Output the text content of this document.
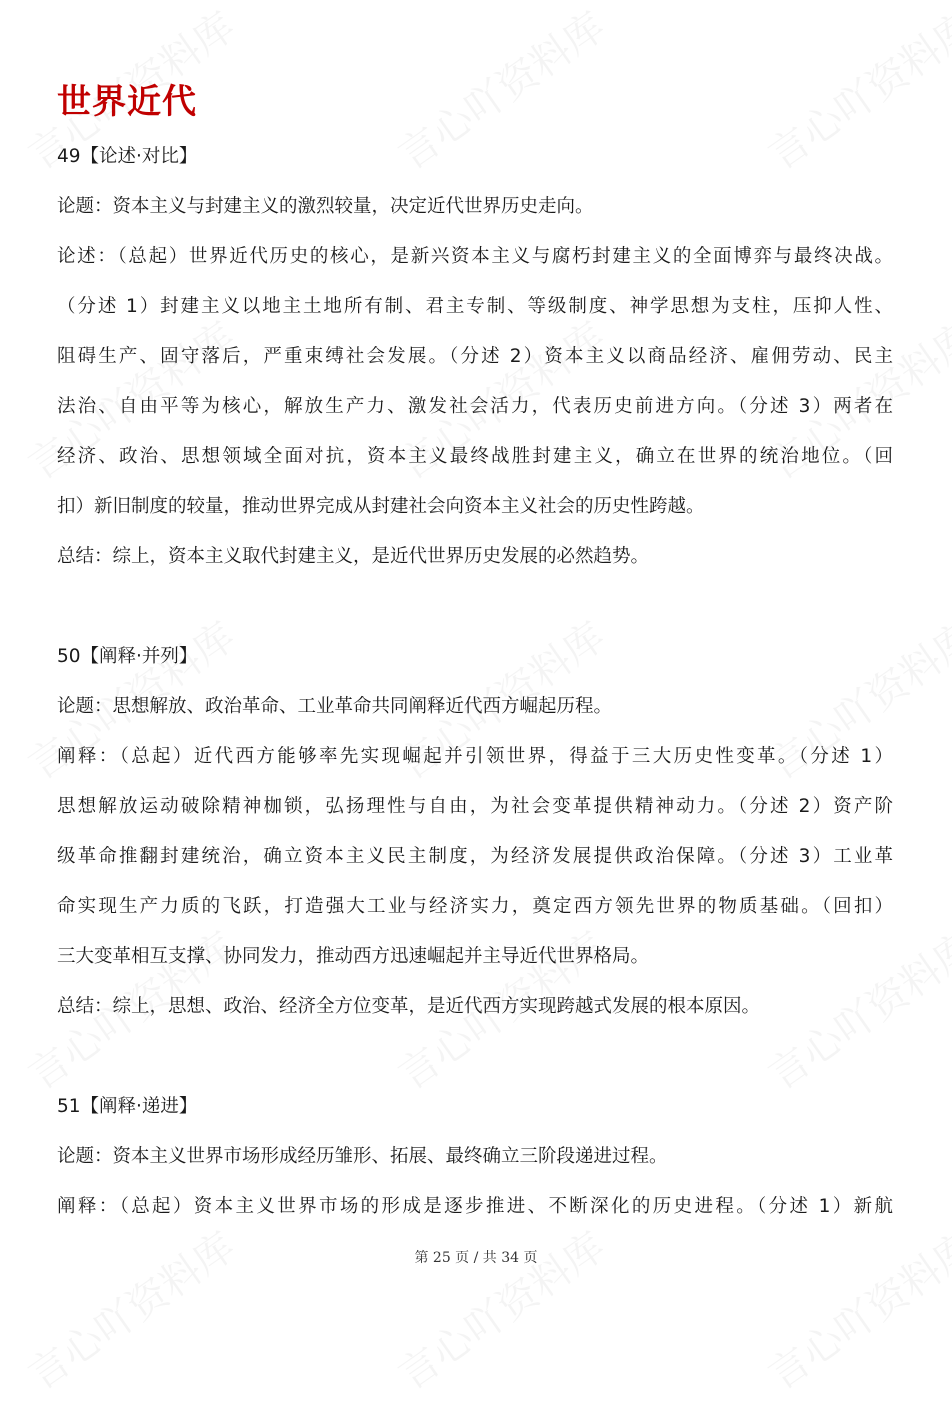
世界近代
49【论述·对比】
论题：资本主义与封建主义的激烈较量，决定近代世界历史走向。
论述：（总起）世界近代历史的核心，是新兴资本主义与腐朽封建主义的全面博弈与最终决战。
（分述 1）封建主义以地主土地所有制、君主专制、等级制度、神学思想为支柱，压抑人性、
阻碍生产、固守落后，严重束缚社会发展。（分述 2）资本主义以商品经济、雇佣劳动、民主
法治、自由平等为核心，解放生产力、激发社会活力，代表历史前进方向。（分述 3）两者在
经济、政治、思想领域全面对抗，资本主义最终战胜封建主义，确立在世界的统治地位。（回
扣）新旧制度的较量，推动世界完成从封建社会向资本主义社会的历史性跨越。
总结：综上，资本主义取代封建主义，是近代世界历史发展的必然趋势。
50【阐释·并列】
论题：思想解放、政治革命、工业革命共同阐释近代西方崛起历程。
阐释：（总起）近代西方能够率先实现崛起并引领世界，得益于三大历史性变革。（分述 1）
思想解放运动破除精神枷锁，弘扬理性与自由，为社会变革提供精神动力。（分述 2）资产阶
级革命推翻封建统治，确立资本主义民主制度，为经济发展提供政治保障。（分述 3）工业革
命实现生产力质的飞跃，打造强大工业与经济实力，奠定西方领先世界的物质基础。（回扣）
三大变革相互支撑、协同发力，推动西方迅速崛起并主导近代世界格局。
总结：综上，思想、政治、经济全方位变革，是近代西方实现跨越式发展的根本原因。
51【阐释·递进】
论题：资本主义世界市场形成经历雏形、拓展、最终确立三阶段递进过程。
阐释：（总起）资本主义世界市场的形成是逐步推进、不断深化的历史进程。（分述 1）新航
第 25 页 / 共 34 页
